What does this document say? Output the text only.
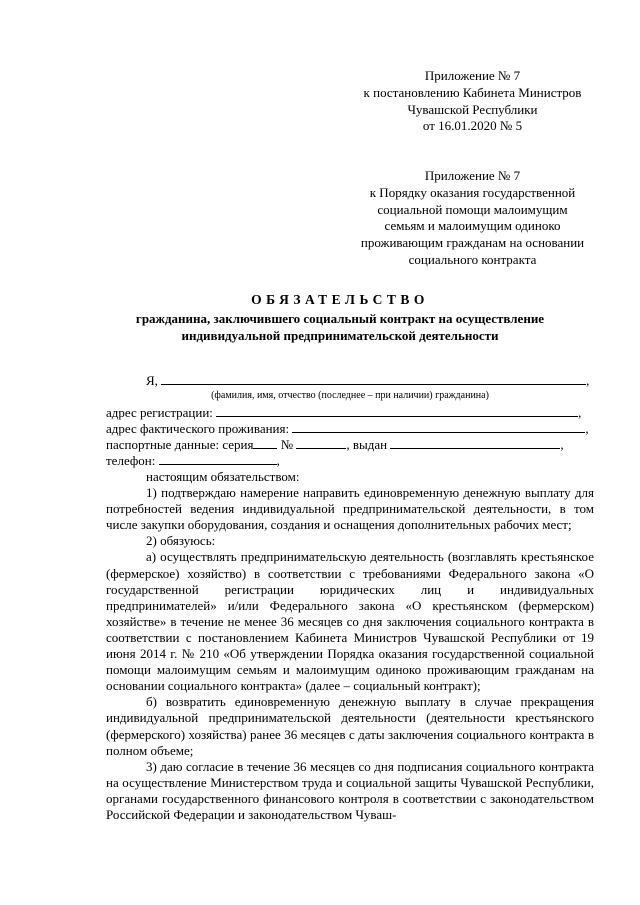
Приложение № 7
к постановлению Кабинета Министров
Чувашской Республики
от 16.01.2020 № 5
Приложение № 7
к Порядку оказания государственной
социальной помощи малоимущим
семьям и малоимущим одиноко
проживающим гражданам на основании
социального контракта
ОБЯЗАТЕЛЬСТВО
гражданина, заключившего социальный контракт на осуществление
индивидуальной предпринимательской деятельности
Я,	,
(фамилия, имя, отчество (последнее – при наличии) гражданина)
адрес регистрации:	,
адрес фактического проживания:	,
паспортные данные: серия №	, выдан	,
телефон:	,

настоящим обязательством:

1) подтверждаю намерение направить единовременную денежную выплату для потребностей ведения индивидуальной предпринимательской деятельности, в том числе закупки оборудования, создания и оснащения дополнительных рабочих мест;

2) обязуюсь:

а) осуществлять предпринимательскую деятельность (возглавлять крестьянское (фермерское) хозяйство) в соответствии с требованиями Федерального закона «О государственной регистрации юридических лиц и индивидуальных предпринимателей» и/или Федерального закона «О крестьянском (фермерском) хозяйстве» в течение не менее 36 месяцев со дня заключения социального контракта в соответствии с постановлением Кабинета Министров Чувашской Республики от 19 июня 2014 г. № 210 «Об утверждении Порядка оказания государственной социальной помощи малоимущим семьям и малоимущим одиноко проживающим гражданам на основании социального контракта» (далее – социальный контракт);

б) возвратить единовременную денежную выплату в случае прекращения индивидуальной предпринимательской деятельности (деятельности крестьянского (фермерского) хозяйства) ранее 36 месяцев с даты заключения социального контракта в полном объеме;

3) даю согласие в течение 36 месяцев со дня подписания социального контракта на осуществление Министерством труда и социальной защиты Чувашской Республики, органами государственного финансового контроля в соответствии с законодательством Российской Федерации и законодательством Чуваш-
